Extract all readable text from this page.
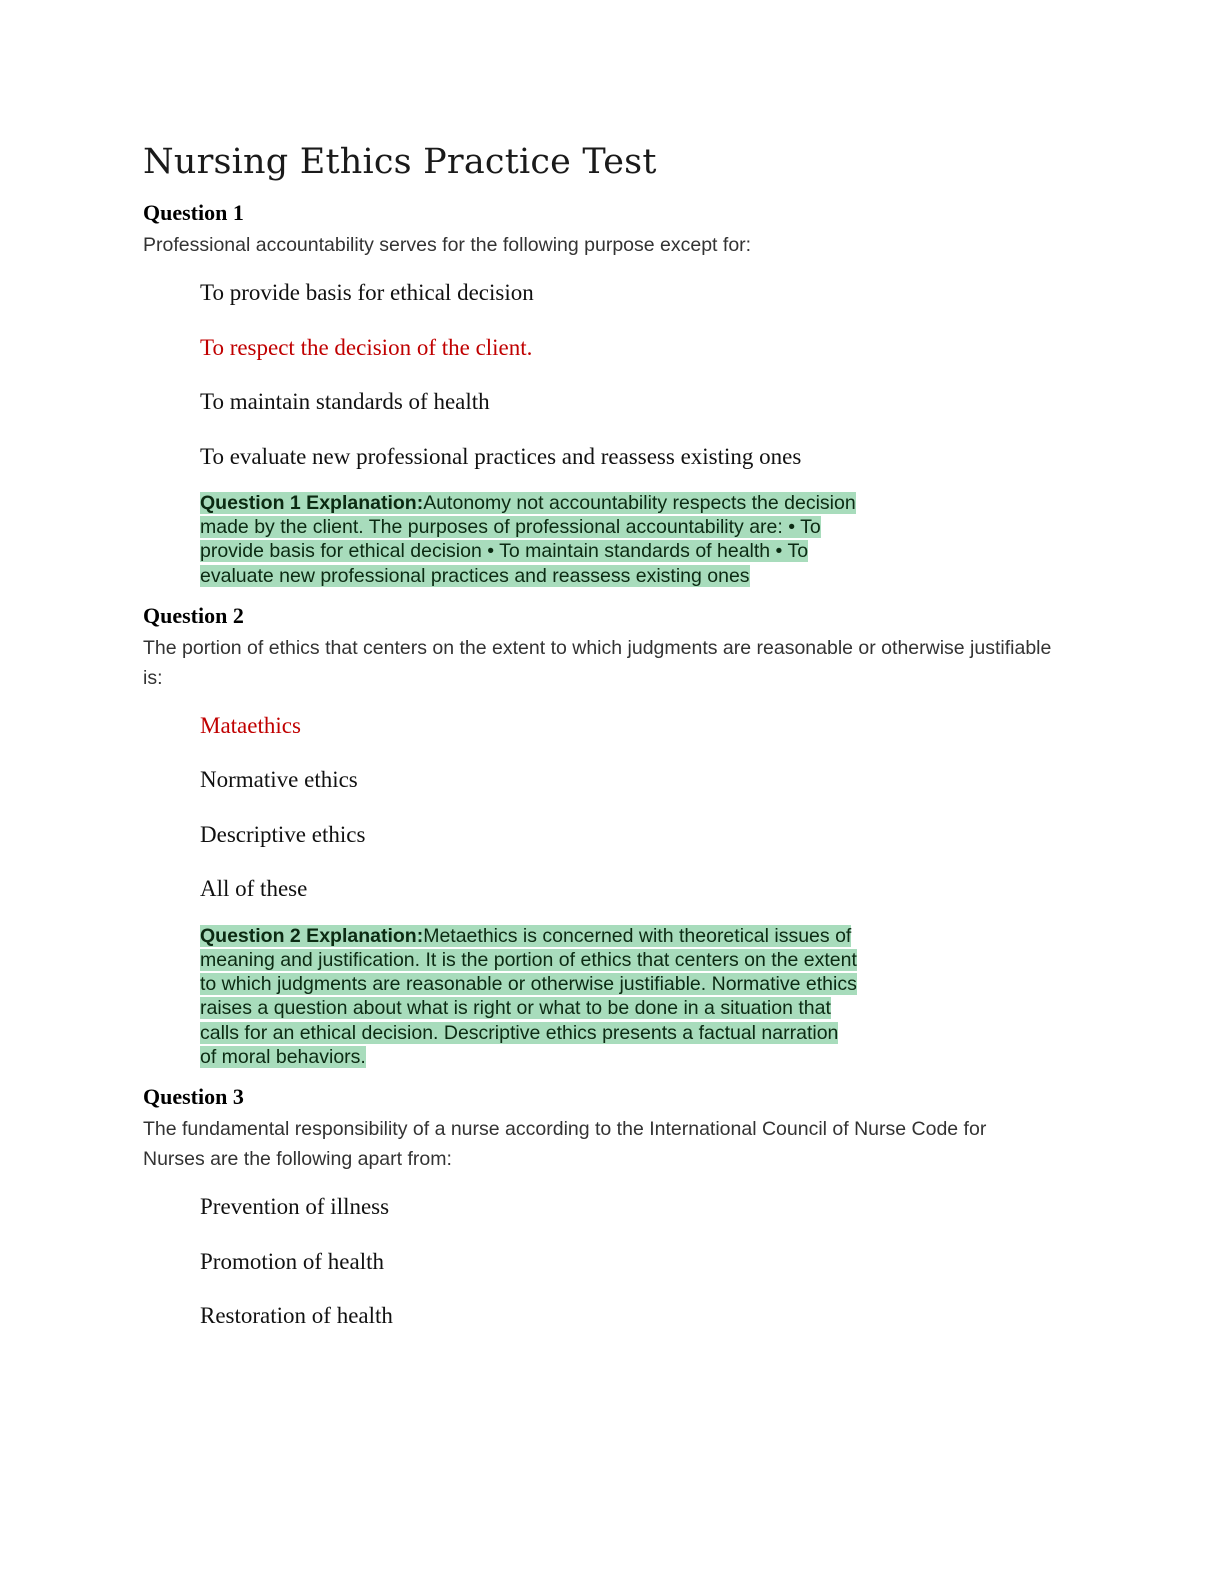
Nursing Ethics Practice Test
Question 1
Professional accountability serves for the following purpose except for:
To provide basis for ethical decision
To respect the decision of the client.
To maintain standards of health
To evaluate new professional practices and reassess existing ones
Question 1 Explanation:Autonomy not accountability respects the decision made by the client. The purposes of professional accountability are: • To provide basis for ethical decision • To maintain standards of health • To evaluate new professional practices and reassess existing ones
Question 2
The portion of ethics that centers on the extent to which judgments are reasonable or otherwise justifiable is:
Mataethics
Normative ethics
Descriptive ethics
All of these
Question 2 Explanation:Metaethics is concerned with theoretical issues of meaning and justification. It is the portion of ethics that centers on the extent to which judgments are reasonable or otherwise justifiable. Normative ethics raises a question about what is right or what to be done in a situation that calls for an ethical decision. Descriptive ethics presents a factual narration of moral behaviors.
Question 3
The fundamental responsibility of a nurse according to the International Council of Nurse Code for Nurses are the following apart from:
Prevention of illness
Promotion of health
Restoration of health
